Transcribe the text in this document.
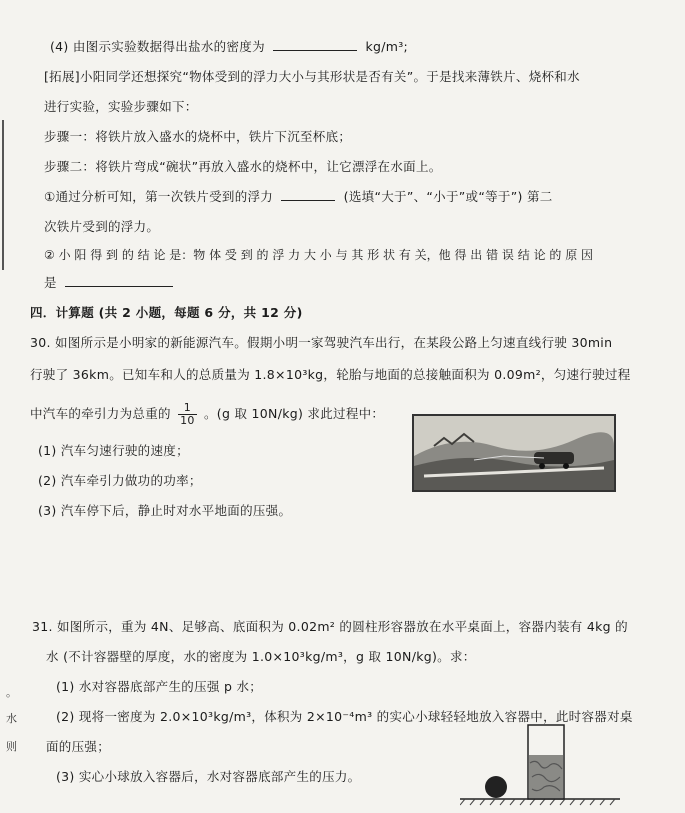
(4) 由图示实验数据得出盐水的密度为	kg/m³;
[拓展]小阳同学还想探究“物体受到的浮力大小与其形状是否有关”。于是找来薄铁片、烧杯和水
进行实验，实验步骤如下：
步骤一：将铁片放入盛水的烧杯中，铁片下沉至杯底；
步骤二：将铁片弯成“碗状”再放入盛水的烧杯中，让它漂浮在水面上。
①通过分析可知，第一次铁片受到的浮力	(选填“大于”、“小于”或“等于”) 第二
次铁片受到的浮力。
② 小 阳 得 到 的 结 论 是：物 体 受 到 的 浮 力 大 小 与 其 形 状 有 关，他 得 出 错 误 结 论 的 原 因
是
四．计算题 (共 2 小题，每题 6 分，共 12 分)
30. 如图所示是小明家的新能源汽车。假期小明一家驾驶汽车出行，在某段公路上匀速直线行驶 30min
行驶了 36km。已知车和人的总质量为 1.8×10³kg，轮胎与地面的总接触面积为 0.09m²，匀速行驶过程
中汽车的牵引力为总重的 $\frac{1}{10}$ 。(g 取 10N/kg) 求此过程中：
(1) 汽车匀速行驶的速度；
(2) 汽车牵引力做功的功率；
(3) 汽车停下后，静止时对水平地面的压强。
31. 如图所示，重为 4N、足够高、底面积为 0.02m² 的圆柱形容器放在水平桌面上，容器内装有 4kg 的
水 (不计容器壁的厚度，水的密度为 1.0×10³kg/m³，g 取 10N/kg)。求：
(1) 水对容器底部产生的压强 p 水；
(2) 现将一密度为 2.0×10³kg/m³，体积为 2×10⁻⁴m³ 的实心小球轻轻地放入容器中，此时容器对桌
面的压强；
(3) 实心小球放入容器后，水对容器底部产生的压力。
。
水
则
